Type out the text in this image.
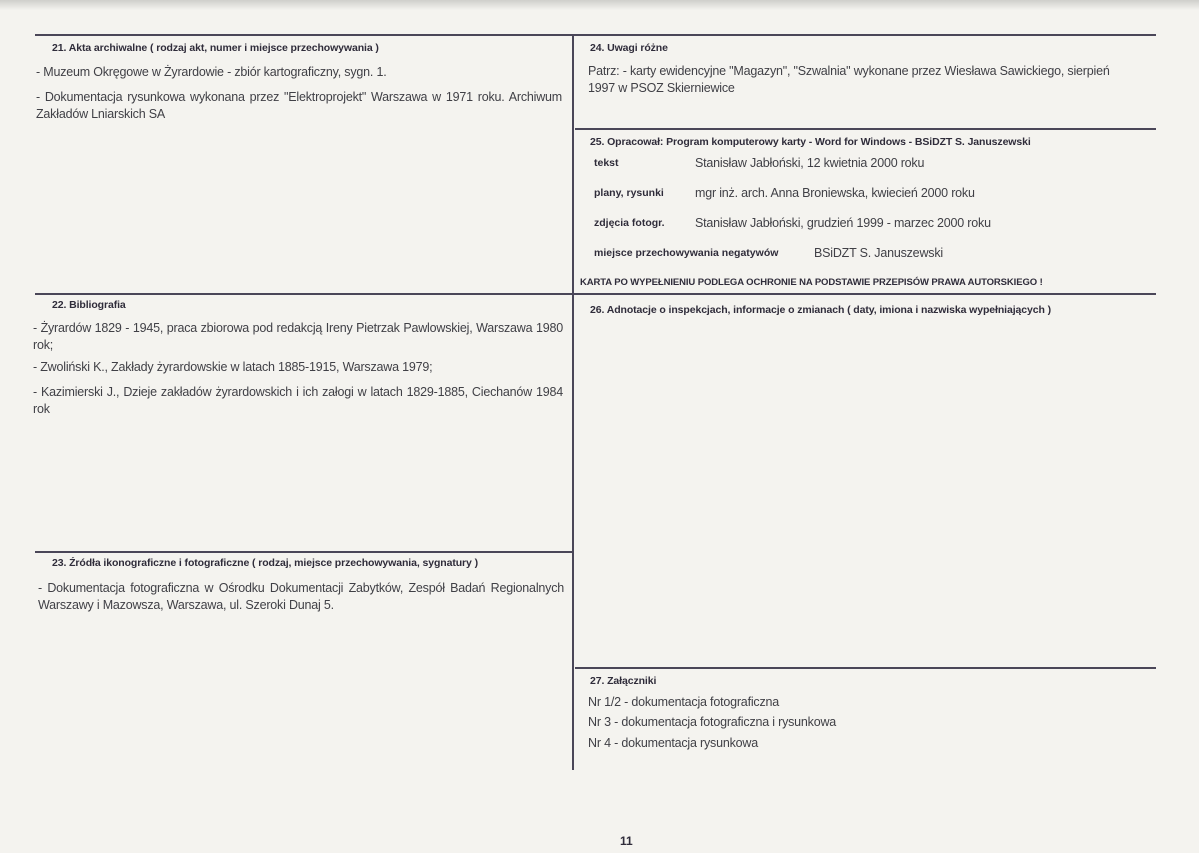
21. Akta archiwalne ( rodzaj akt, numer i miejsce przechowywania )
- Muzeum Okręgowe w Żyrardowie - zbiór kartograficzny, sygn. 1.
- Dokumentacja rysunkowa wykonana przez "Elektroprojekt" Warszawa w 1971 roku. Archiwum Zakładów Lniarskich SA
22. Bibliografia
- Żyrardów 1829 - 1945, praca zbiorowa pod redakcją Ireny Pietrzak Pawlowskiej, Warszawa 1980 rok;
- Zwoliński K., Zakłady żyrardowskie w latach 1885-1915, Warszawa 1979;
- Kazimierski J., Dzieje zakładów żyrardowskich i ich załogi w latach 1829-1885, Ciechanów 1984 rok
23. Źródła ikonograficzne i fotograficzne ( rodzaj, miejsce przechowywania, sygnatury )
- Dokumentacja fotograficzna w Ośrodku Dokumentacji Zabytków, Zespół Badań Regionalnych Warszawy i Mazowsza, Warszawa, ul. Szeroki Dunaj 5.
24. Uwagi różne
Patrz: - karty ewidencyjne "Magazyn", "Szwalnia" wykonane przez Wiesława Sawickiego, sierpień 1997 w PSOZ Skierniewice
25. Opracował: Program komputerowy karty - Word for Windows - BSiDZT S. Januszewski
tekst	Stanisław Jabłoński, 12 kwietnia 2000 roku
plany, rysunki mgr inż. arch. Anna Broniewska, kwiecień 2000 roku
zdjęcia fotogr. Stanisław Jabłoński, grudzień 1999 - marzec 2000 roku
miejsce przechowywania negatywów	BSiDZT S. Januszewski
KARTA PO WYPEŁNIENIU PODLEGA OCHRONIE NA PODSTAWIE PRZEPISÓW PRAWA AUTORSKIEGO !
26. Adnotacje o inspekcjach, informacje o zmianach ( daty, imiona i nazwiska wypełniających )
27. Załączniki
Nr 1/2 - dokumentacja fotograficzna
Nr 3 - dokumentacja fotograficzna i rysunkowa
Nr 4 - dokumentacja rysunkowa
11
